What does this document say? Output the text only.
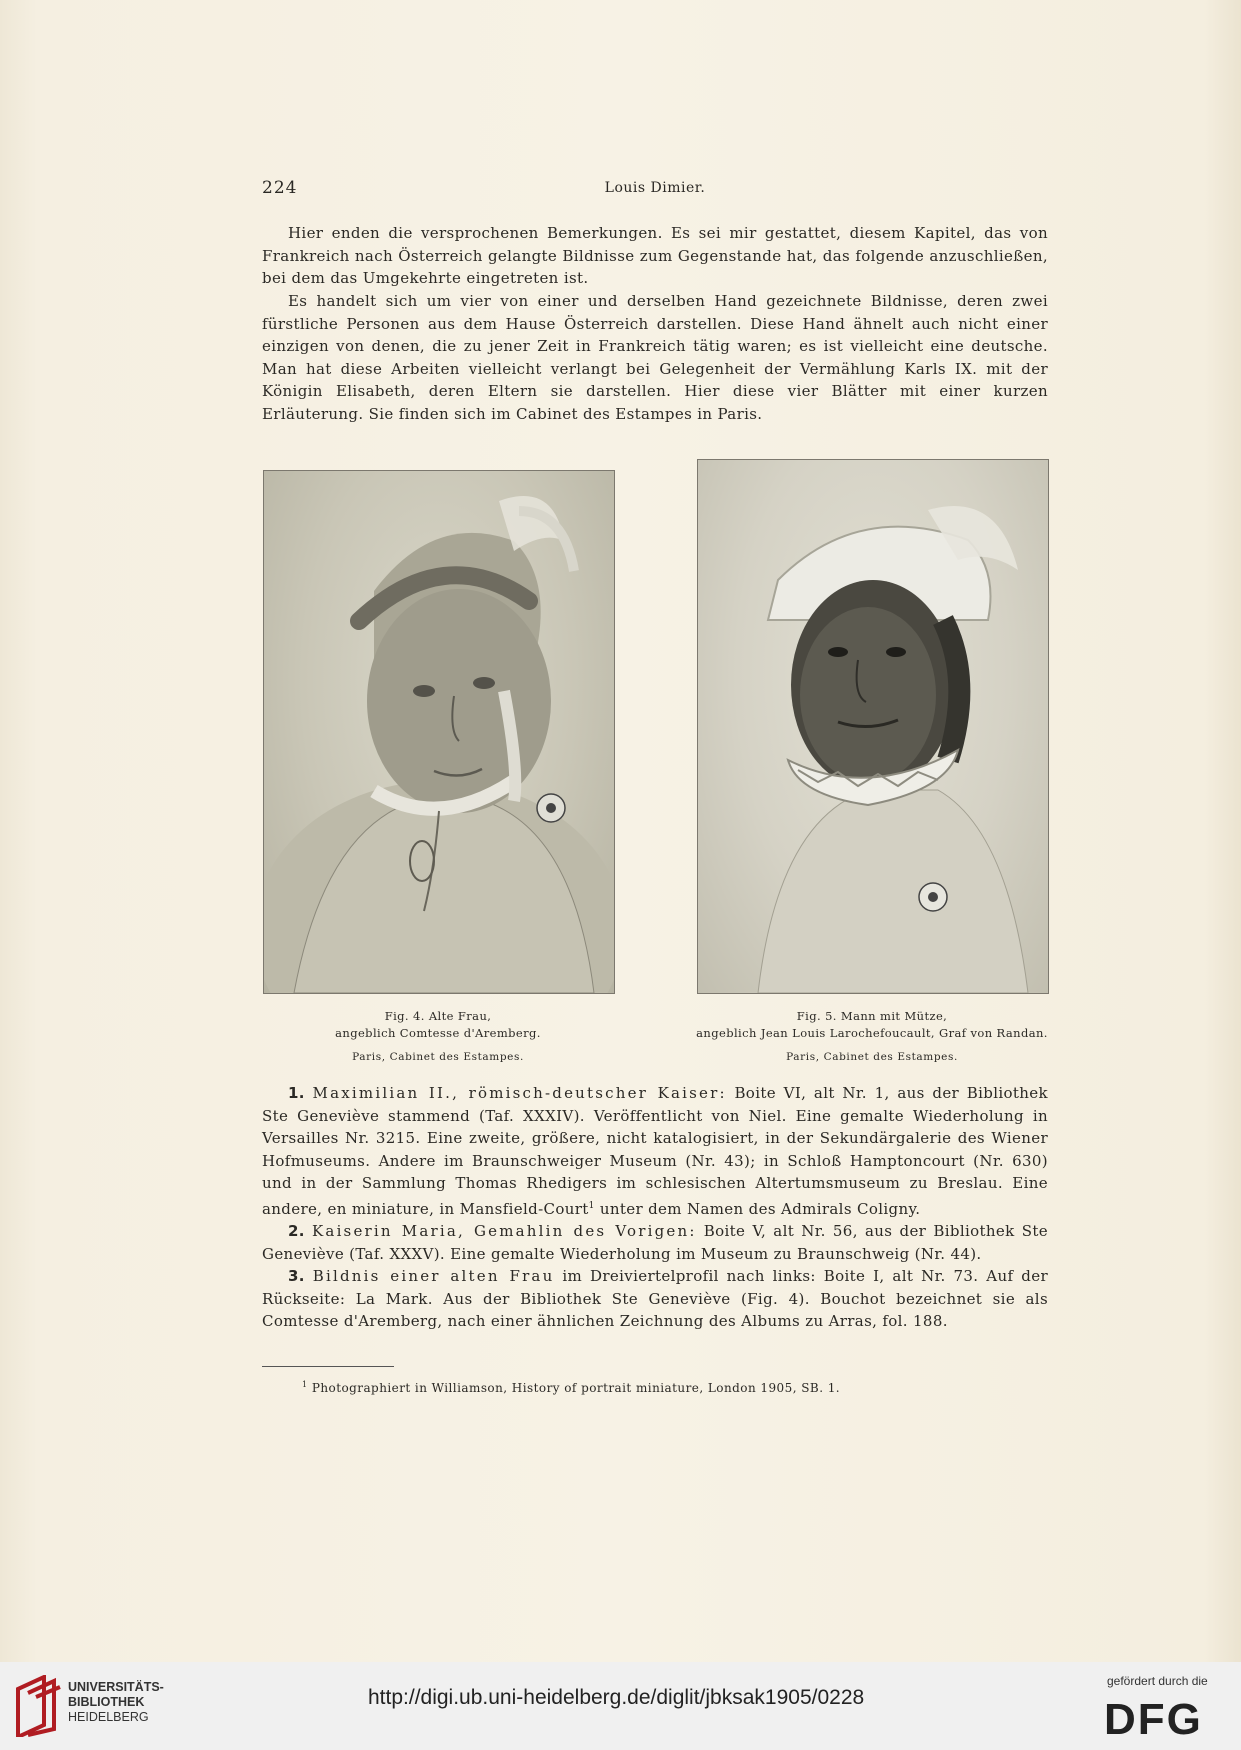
224	Louis Dimier.

Hier enden die versprochenen Bemerkungen. Es sei mir gestattet, diesem Kapitel, das von Frankreich nach Österreich gelangte Bildnisse zum Gegenstande hat, das folgende anzuschließen, bei dem das Umgekehrte eingetreten ist.

Es handelt sich um vier von einer und derselben Hand gezeichnete Bildnisse, deren zwei fürstliche Personen aus dem Hause Österreich darstellen. Diese Hand ähnelt auch nicht einer einzigen von denen, die zu jener Zeit in Frankreich tätig waren; es ist vielleicht eine deutsche. Man hat diese Arbeiten vielleicht verlangt bei Gelegenheit der Vermählung Karls IX. mit der Königin Elisabeth, deren Eltern sie darstellen. Hier diese vier Blätter mit einer kurzen Erläuterung. Sie finden sich im Cabinet des Estampes in Paris.

Fig. 4. Alte Frau,
angeblich Comtesse d'Aremberg.
Paris, Cabinet des Estampes.
Fig. 5. Mann mit Mütze,
angeblich Jean Louis Larochefoucault, Graf von Randan.
Paris, Cabinet des Estampes.
1. Maximilian II., römisch-deutscher Kaiser: Boite VI, alt Nr. 1, aus der Bibliothek Ste Geneviève stammend (Taf. XXXIV). Veröffentlicht von Niel. Eine gemalte Wiederholung in Versailles Nr. 3215. Eine zweite, größere, nicht katalogisiert, in der Sekundärgalerie des Wiener Hofmuseums. Andere im Braunschweiger Museum (Nr. 43); in Schloß Hamptoncourt (Nr. 630) und in der Sammlung Thomas Rhedigers im schlesischen Altertumsmuseum zu Breslau. Eine andere, en miniature, in Mansfield-Court$^1$ unter dem Namen des Admirals Coligny.
2. Kaiserin Maria, Gemahlin des Vorigen: Boite V, alt Nr. 56, aus der Bibliothek Ste Geneviève (Taf. XXXV). Eine gemalte Wiederholung im Museum zu Braunschweig (Nr. 44).
3. Bildnis einer alten Frau im Dreiviertelprofil nach links: Boite I, alt Nr. 73. Auf der Rückseite: La Mark. Aus der Bibliothek Ste Geneviève (Fig. 4). Bouchot bezeichnet sie als Comtesse d'Aremberg, nach einer ähnlichen Zeichnung des Albums zu Arras, fol. 188.
$^1$ Photographiert in Williamson, History of portrait miniature, London 1905, SB. 1.
UNIVERSITÄTS-
BIBLIOTHEK
HEIDELBERG
http://digi.ub.uni-heidelberg.de/diglit/jbksak1905/0228
gefördert durch die
DFG
